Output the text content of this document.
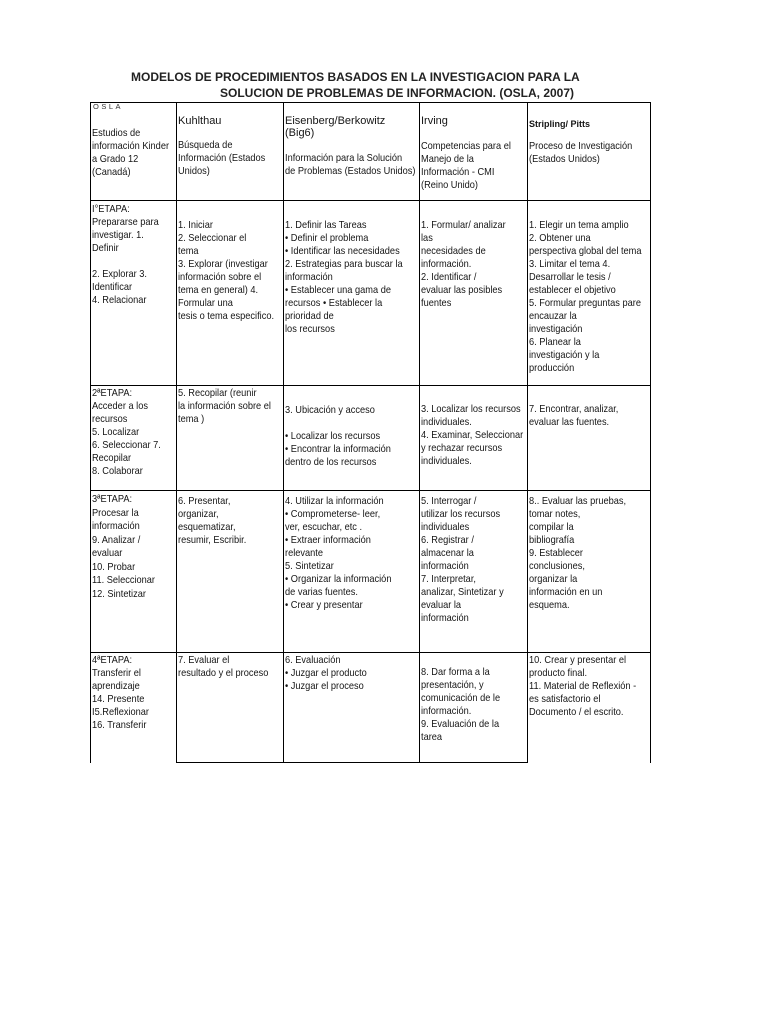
MODELOS DE PROCEDIMIENTOS BASADOS EN LA INVESTIGACION PARA LA
SOLUCION DE PROBLEMAS DE INFORMACION. (OSLA, 2007)
OSLA
Estudios de
información Kinder
a Grado 12
(Canadá)
Kuhlthau
Búsqueda de
Información (Estados
Unidos)
Eisenberg/Berkowitz
(Big6)
Información para la Solución
de Problemas (Estados Unidos)
Irving
Competencias para el
Manejo de la
Información - CMI
(Reino Unido)
Stripling/ Pitts
Proceso de Investigación
(Estados Unidos)
I°ETAPA:
Prepararse para
investigar. 1.
Definir

2. Explorar 3.
Identificar
4. Relacionar
1. Iniciar
2. Seleccionar el
tema
3. Explorar (investigar
información sobre el
tema en general) 4.
Formular una
tesis o tema especifico.
1. Definir las Tareas
• Definir el problema
• Identificar las necesidades
2. Estrategias para buscar la
información
• Establecer una gama de
recursos • Establecer la
prioridad de
los recursos
1. Formular/ analizar
las
necesidades de
información.
2. Identificar /
evaluar las posibles
fuentes
1. Elegir un tema amplio
2. Obtener una
perspectiva global del tema
3. Limitar el tema 4.
Desarrollar le tesis /
establecer el objetivo
5. Formular preguntas pare
encauzar la
investigación
6. Planear la
investigación y la
producción
2ªETAPA:
Acceder a los
recursos
5. Localizar
6. Seleccionar 7.
Recopilar
8. Colaborar
5. Recopilar (reunir
la información sobre el
tema )
3. Ubicación y acceso

• Localizar los recursos
• Encontrar la información
dentro de los recursos
3. Localizar los recursos
individuales.
4. Examinar, Seleccionar
y rechazar recursos
individuales.
7. Encontrar, analizar,
evaluar las fuentes.
3ªETAPA:
Procesar la
información
9. Analizar /
evaluar
10. Probar
11. Seleccionar
12. Sintetizar
6. Presentar,
organizar,
esquematizar,
resumir, Escribir.
4. Utilizar la información
• Comprometerse- leer,
ver, escuchar, etc .
• Extraer información
relevante
5. Sintetizar
• Organizar la información
de varias fuentes.
• Crear y presentar
5. Interrogar /
utilizar los recursos
individuales
6. Registrar /
almacenar la
información
7. Interpretar,
analizar, Sintetizar y
evaluar la
información
8.. Evaluar las pruebas,
tomar notes,
compilar la
bibliografía
9. Establecer
conclusiones,
organizar la
información en un
esquema.
4ªETAPA:
Transferir el
aprendizaje
14. Presente
I5.Reflexionar
16. Transferir
7. Evaluar el
resultado y el proceso
6. Evaluación
• Juzgar el producto
• Juzgar el proceso
8. Dar forma a la
presentación, y
comunicación de le
información.
9. Evaluación de la
tarea
10. Crear y presentar el
producto final.
11. Material de Reflexión -
es satisfactorio el
Documento / el escrito.
